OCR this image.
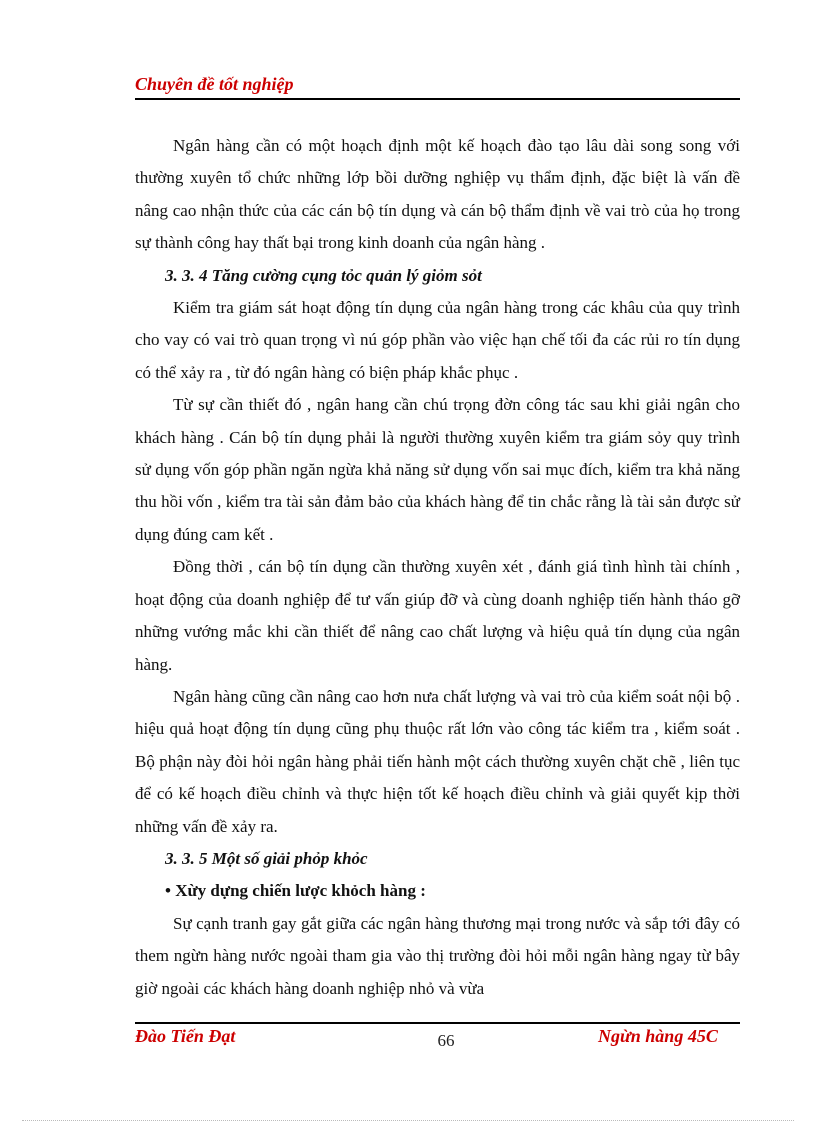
Chuyên đề tốt nghiệp

Ngân hàng cần có một hoạch định một kế hoạch đào tạo lâu dài song song với thường xuyên tổ chức những lớp bồi dưỡng nghiệp vụ thẩm định, đặc biệt là vấn đề nâng cao nhận thức của các cán bộ tín dụng và cán bộ thẩm định về vai trò của họ trong sự thành công hay thất bại trong kinh doanh của ngân hàng .

3. 3. 4 Tăng cường cụng tỏc quản lý giỏm sỏt

Kiểm tra giám sát hoạt động tín dụng của ngân hàng trong các khâu của quy trình cho vay có vai trò quan trọng vì nú góp phần vào việc hạn chế tối đa các rủi ro tín dụng có thể xảy ra , từ đó ngân hàng có biện pháp khắc phục .

Từ sự cần thiết đó , ngân hang cần chú trọng đờn công tác sau khi giải ngân cho khách hàng . Cán bộ tín dụng phải là người thường xuyên kiểm tra giám sỏy quy trình sử dụng vốn góp phần ngăn ngừa khả năng sử dụng vốn sai mục đích, kiểm tra khả năng thu hồi vốn , kiểm tra tài sản đảm bảo của khách hàng để tin chắc rằng là tài sản được sử dụng đúng cam kết .

Đồng thời , cán bộ tín dụng cần thường xuyên xét , đánh giá tình hình tài chính , hoạt động của doanh nghiệp để tư vấn giúp đỡ và cùng doanh nghiệp tiến hành tháo gỡ những vướng mắc khi cần thiết để nâng cao chất lượng và hiệu quả tín dụng của ngân hàng.

Ngân hàng cũng cần nâng cao hơn nưa chất lượng và vai trò của kiểm soát nội bộ . hiệu quả hoạt động tín dụng cũng phụ thuộc rất lớn vào công tác kiểm tra , kiểm soát . Bộ phận này đòi hỏi ngân hàng phải tiến hành một cách thường xuyên chặt chẽ , liên tục để có kế hoạch điều chỉnh và thực hiện tốt kế hoạch điều chỉnh và giải quyết kịp thời những vấn đề xảy ra.

3. 3. 5 Một số giải phỏp khỏc
• Xừy dựng chiến lược khỏch hàng :

Sự cạnh tranh gay gắt giữa các ngân hàng thương mại trong nước và sắp tới đây có them ngừn hàng nước ngoài tham gia vào thị trường đòi hỏi mỗi ngân hàng ngay từ bây giờ ngoài các khách hàng doanh nghiệp nhỏ và vừa

Đào Tiến Đạt	66	Ngừn hàng 45C
